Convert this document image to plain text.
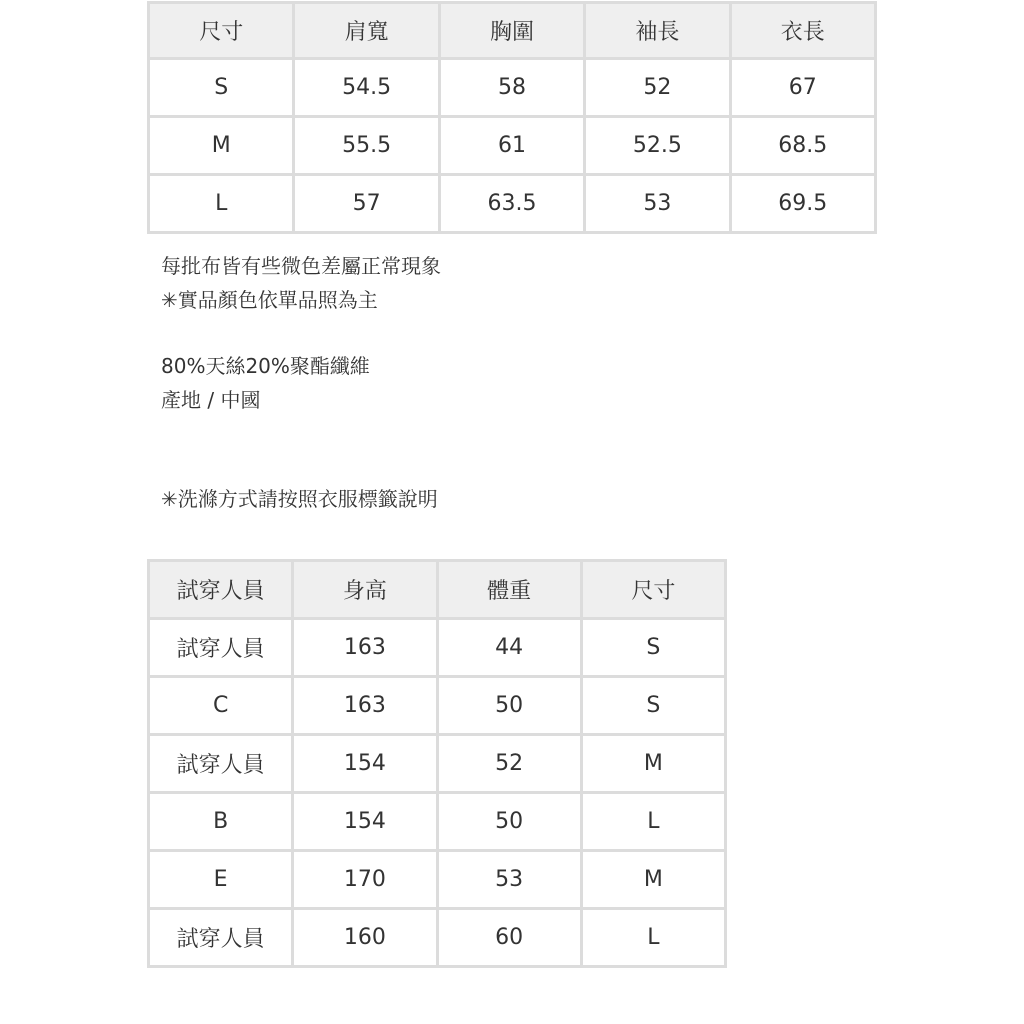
尺寸	肩寬	胸圍	袖長	衣長
S	54.5	58	52	67
M	55.5	61	52.5	68.5
L	57	63.5	53	69.5
每批布皆有些微色差屬正常現象
✳實品顏色依單品照為主
80%天絲20%聚酯纖維
產地 / 中國
✳洗滌方式請按照衣服標籤說明
試穿人員	身高	體重	尺寸
試穿人員	163	44	S
C	163	50	S
試穿人員	154	52	M
B	154	50	L
E	170	53	M
試穿人員	160	60	L
